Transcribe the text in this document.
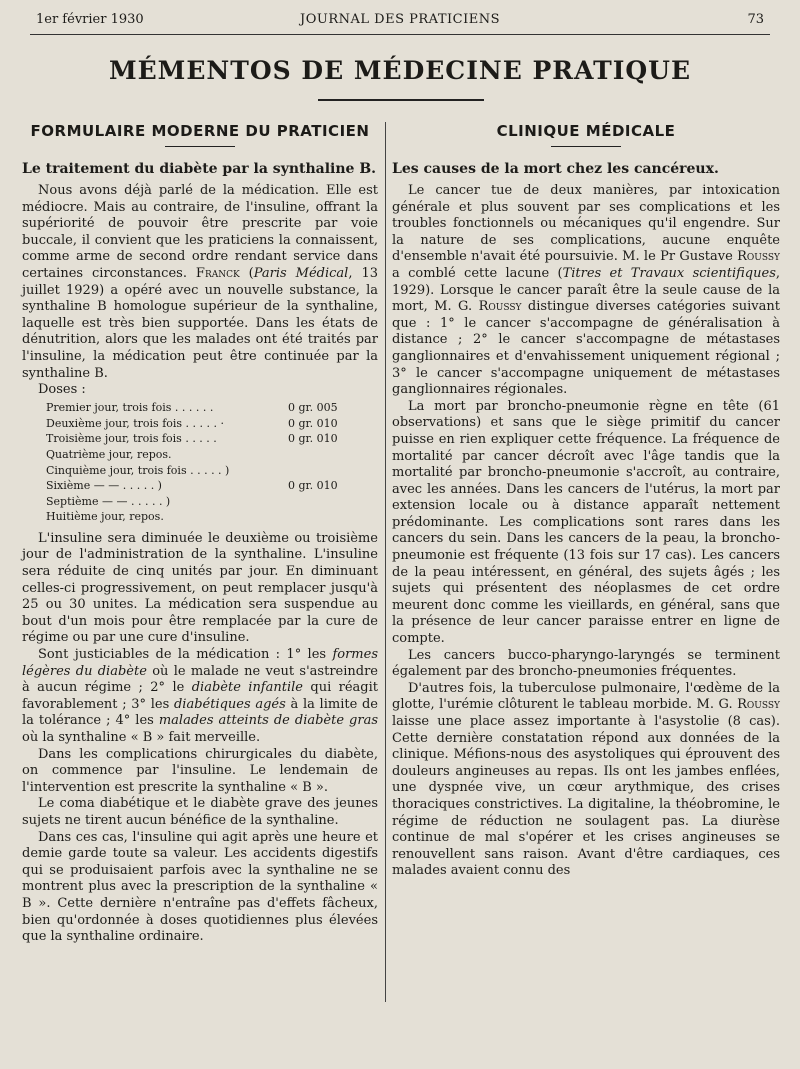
1er février 1930	JOURNAL DES PRATICIENS	73
MÉMENTOS DE MÉDECINE PRATIQUE
FORMULAIRE MODERNE DU PRATICIEN
Le traitement du diabète par la synthaline B.

Nous avons déjà parlé de la médication. Elle est médiocre. Mais au contraire, de l'insuline, offrant la supériorité de pouvoir être prescrite par voie buccale, il convient que les praticiens la connaissent, comme arme de second ordre rendant service dans certaines circonstances. Franck (Paris Médical, 13 juillet 1929) a opéré avec un nouvelle substance, la synthaline B homologue supérieur de la synthaline, laquelle est très bien supportée. Dans les états de dénutrition, alors que les malades ont été traités par l'insuline, la médication peut être continuée par la synthaline B.

Doses :

Premier jour, trois fois . . . . . .	0 gr. 005
Deuxième jour, trois fois . . . . . ·	0 gr. 010
Troisième jour, trois fois . . . . .	0 gr. 010
Quatrième jour, repos.
Cinquième jour, trois fois . . . . . )
Sixième — — . . . . . )	0 gr. 010
Septième — — . . . . . )
Huitième jour, repos.

L'insuline sera diminuée le deuxième ou troisième jour de l'administration de la synthaline. L'insuline sera réduite de cinq unités par jour. En diminuant celles-ci progressivement, on peut remplacer jusqu'à 25 ou 30 unites. La médication sera suspendue au bout d'un mois pour être remplacée par la cure de régime ou par une cure d'insuline.

Sont justiciables de la médication : 1° les formes légères du diabète où le malade ne veut s'astreindre à aucun régime ; 2° le diabète infantile qui réagit favorablement ; 3° les diabétiques agés à la limite de la tolérance ; 4° les malades atteints de diabète gras où la synthaline « B » fait merveille.

Dans les complications chirurgicales du diabète, on commence par l'insuline. Le lendemain de l'intervention est prescrite la synthaline « B ».

Le coma diabétique et le diabète grave des jeunes sujets ne tirent aucun bénéfice de la synthaline.

Dans ces cas, l'insuline qui agit après une heure et demie garde toute sa valeur. Les accidents digestifs qui se produisaient parfois avec la synthaline ne se montrent plus avec la prescription de la synthaline « B ». Cette dernière n'entraîne pas d'effets fâcheux, bien qu'ordonnée à doses quotidiennes plus élevées que la synthaline ordinaire.

CLINIQUE MÉDICALE
Les causes de la mort chez les cancéreux.

Le cancer tue de deux manières, par intoxication générale et plus souvent par ses complications et les troubles fonctionnels ou mécaniques qu'il engendre. Sur la nature de ses complications, aucune enquête d'ensemble n'avait été poursuivie. M. le Pr Gustave Roussy a comblé cette lacune (Titres et Travaux scientifiques, 1929). Lorsque le cancer paraît être la seule cause de la mort, M. G. Roussy distingue diverses catégories suivant que : 1° le cancer s'accompagne de généralisation à distance ; 2° le cancer s'accompagne de métastases ganglionnaires et d'envahissement uniquement régional ; 3° le cancer s'accompagne uniquement de métastases ganglionnaires régionales.

La mort par broncho-pneumonie règne en tête (61 observations) et sans que le siège primitif du cancer puisse en rien expliquer cette fréquence. La fréquence de mortalité par cancer décroît avec l'âge tandis que la mortalité par broncho-pneumonie s'accroît, au contraire, avec les années. Dans les cancers de l'utérus, la mort par extension locale ou à distance apparaît nettement prédominante. Les complications sont rares dans les cancers du sein. Dans les cancers de la peau, la broncho-pneumonie est fréquente (13 fois sur 17 cas). Les cancers de la peau intéressent, en général, des sujets âgés ; les sujets qui présentent des néoplasmes de cet ordre meurent donc comme les vieillards, en général, sans que la présence de leur cancer paraisse entrer en ligne de compte.

Les cancers bucco-pharyngo-laryngés se terminent également par des broncho-pneumonies fréquentes.

D'autres fois, la tuberculose pulmonaire, l'œdème de la glotte, l'urémie clôturent le tableau morbide. M. G. Roussy laisse une place assez importante à l'asystolie (8 cas). Cette dernière constatation répond aux données de la clinique. Méfions-nous des asystoliques qui éprouvent des douleurs angineuses au repas. Ils ont les jambes enflées, une dyspnée vive, un cœur arythmique, des crises thoraciques constrictives. La digitaline, la théobromine, le régime de réduction ne soulagent pas. La diurèse continue de mal s'opérer et les crises angineuses se renouvellent sans raison. Avant d'être cardiaques, ces malades avaient connu des
